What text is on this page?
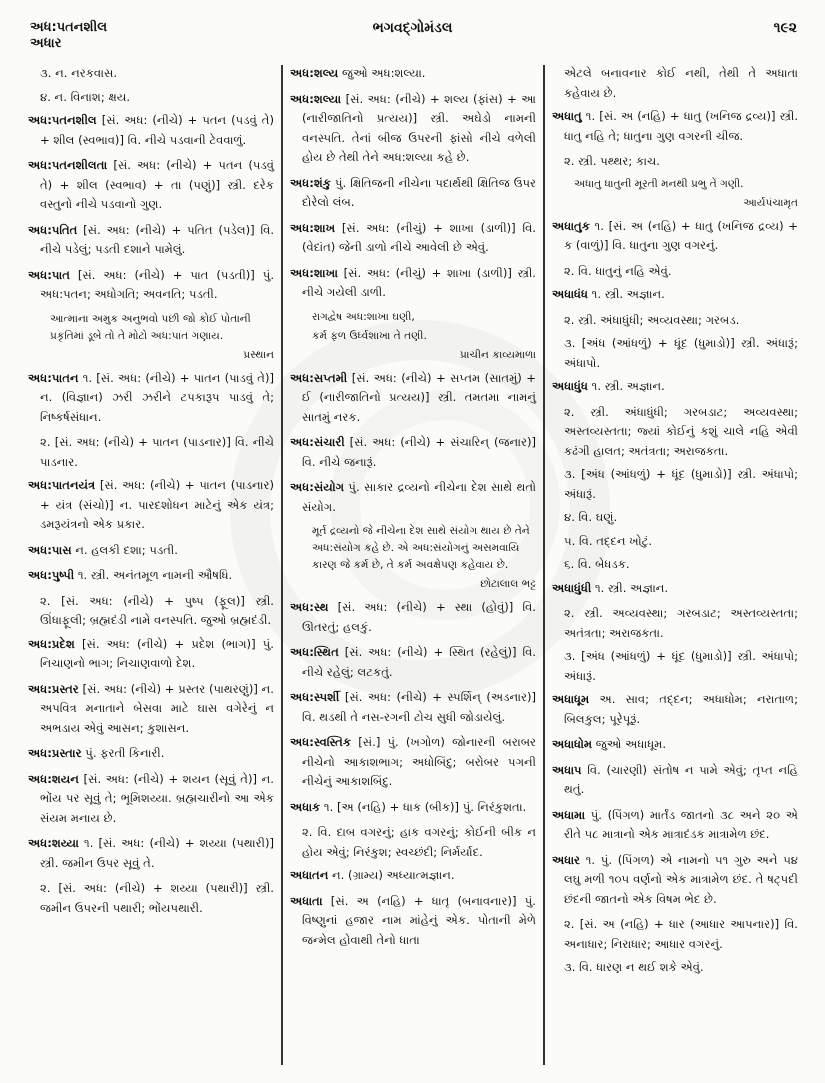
અધ:પતનશીલ
અધાર
ભગવદ્ગોમંડલ	૧૯૨
૩. ન. નરકવાસ.
૪. ન. વિનાશ; ક્ષય.
અધ:પતનશીલ [સં. અધ: (નીચે) + પતન (પડવું તે) + શીલ (સ્વભાવ)] વિ. નીચે પડવાની ટેવવાળું.
અધ:પતનશીલતા [સં. અધ: (નીચે) + પતન (પડવું તે) + શીલ (સ્વભાવ) + તા (પણું)] સ્ત્રી. દરેક વસ્તુનો નીચે પડવાનો ગુણ.
અધ:પતિત [સં. અધ: (નીચે) + પતિત (પડેલ)] વિ. નીચે પડેલું; પડતી દશાને પામેલું.
અધ:પાત [સં. અધ: (નીચે) + પાત (પડતી)] પું. અધ:પતન; અધોગતિ; અવનતિ; પડતી.
આત્માના અમુક અનુભવો પછી જો કોઈ પોતાની પ્રકૃતિમાં ડૂબે તો તે મોટો અધ:પાત ગણાય.
પ્રસ્થાન
અધ:પાતન ૧. [સં. અધ: (નીચે) + પાતન (પાડવું તે)] ન. (વિજ્ઞાન) ઝરી ઝરીને ટપકારૂપ પાડવું તે; નિષ્કર્ષસંધાન.
૨. [સં. અધ: (નીચે) + પાતન (પાડનાર)] વિ. નીચે પાડનાર.
અધ:પાતનયંત્ર [સં. અધ: (નીચે) + પાતન (પાડનાર) + યંત્ર (સંચો)] ન. પારદશોધન માટેનું એક યંત્ર; ડમરૂયંત્રનો એક પ્રકાર.
અધ:પાસ ન. હલકી દશા; પડતી.
અધ:પુષ્પી ૧. સ્ત્રી. અનંતમૂળ નામની ઔષધિ.
૨. [સં. અધ: (નીચે) + પુષ્પ (ફૂલ)] સ્ત્રી. ઊંધાફૂલી; બ્રહ્મદંડી નામે વનસ્પતિ. જુઓ બ્રહ્મદંડી.
અધ:પ્રદેશ [સં. અધ: (નીચે) + પ્રદેશ (ભાગ)] પું. નિચાણનો ભાગ; નિચાણવાળો દેશ.
અધ:પ્રસ્તર [સં. અધ: (નીચે) + પ્રસ્તર (પાથરણું)] ન. અપવિત્ર મનાતાને બેસવા માટે ઘાસ વગેરેનું ન અભડાય એવું આસન; કુશાસન.
અધ:પ્રસ્તાર પું. ફરતી કિનારી.
અધ:શયન [સં. અધ: (નીચે) + શયન (સૂવું તે)] ન. ભોંય પર સૂવું તે; ભૂમિશય્યા. બ્રહ્મચારીનો આ એક સંયમ મનાય છે.
અધ:શય્યા ૧. [સં. અધ: (નીચે) + શય્યા (પથારી)] સ્ત્રી. જમીન ઉપર સૂવું તે.
૨. [સં. અધ: (નીચે) + શય્યા (પથારી)] સ્ત્રી. જમીન ઉપરની પથારી; ભોંયપથારી.
અધ:શલ્ય જુઓ અધ:શલ્યા.
અધ:શલ્યા [સં. અધ: (નીચે) + શલ્ય (ફાંસ) + આ (નારીજાતિનો પ્રત્યય)] સ્ત્રી. અઘેડો નામની વનસ્પતિ. તેનાં બીજ ઉપરની ફાંસો નીચે વળેલી હોય છે તેથી તેને અધ:શલ્યા કહે છે.
અધ:શંકુ પું. ક્ષિતિજની નીચેના પદાર્થથી ક્ષિતિજ ઉપર દોરેલો લંબ.
અધ:શાખ [સં. અધ: (નીચું) + શાખા (ડાળી)] વિ. (વેદાંત) જેની ડાળો નીચે આવેલી છે એવું.
અધ:શાખા [સં. અધ: (નીચું) + શાખા (ડાળી)] સ્ત્રી. નીચે ગયેલી ડાળી.
રાગદ્વેષ અધ:શાખા ઘણી,
કર્મ ફળ ઉર્ધ્વશાખા તે તણી.
પ્રાચીન કાવ્યમાળા
અધ:સપ્તમી [સં. અધ: (નીચે) + સપ્તમ (સાતમું) + ઈ (નારીજાતિનો પ્રત્યય)] સ્ત્રી. તમતમા નામનું સાતમું નરક.
અધ:સંચારી [સં. અધ: (નીચે) + સંચારિન્ (જનાર)] વિ. નીચે જનારૂં.
અધ:સંયોગ પું. સાકાર દ્રવ્યનો નીચેના દેશ સાથે થતો સંયોગ.
મૂર્ત દ્રવ્યનો જે નીચેના દેશ સાથે સંયોગ થાય છે તેને અધ:સંયોગ કહે છે. એ અધ:સંયોગનું અસમવાયિ કારણ જે કર્મ છે, તે કર્મ અવક્ષેપણ કહેવાય છે.
છોટાલાલ ભટ્ટ
અધ:સ્થ [સં. અધ: (નીચે) + સ્થા (હોવું)] વિ. ઊતરતું; હલકું.
અધ:સ્થિત [સં. અધ: (નીચે) + સ્થિત (રહેલું)] વિ. નીચે રહેલું; લટકતું.
અધ:સ્પર્શી [સં. અધ: (નીચે) + સ્પર્શિન્ (અડનાર)] વિ. થડથી તે નસ-રગની ટોચ સુધી જોડાયેલું.
અધ:સ્વસ્તિક [સં.] પું. (ખગોળ) જોનારની બરાબર નીચેનો આકાશભાગ; અધોબિંદુ; બરોબર પગની નીચેનું આકાશબિંદુ.
અધાક ૧. [અ (નહિ) + ધાક (બીક)] પું. નિરંકુશતા.
૨. વિ. દાબ વગરનું; હાક વગરનું; કોઈની બીક ન હોય એવું; નિરંકુશ; સ્વચ્છંદી; નિર્મર્યાદ.
અધાતન ન. (ગ્રામ્ય) અધ્યાત્મજ્ઞાન.
અધાતા [સં. અ (નહિ) + ધાતૃ (બનાવનાર)] પું. વિષ્ણુનાં હજાર નામ માંહેનું એક. પોતાની મેળે જન્મેલ હોવાથી તેનો ધાતા
એટલે બનાવનાર કોઈ નથી, તેથી તે અધાતા કહેવાય છે.
અધાતુ ૧. [સં. અ (નહિ) + ધાતુ (ખનિજ દ્રવ્ય)] સ્ત્રી. ધાતુ નહિ તે; ધાતુના ગુણ વગરની ચીજ.
૨. સ્ત્રી. પથ્થર; કાચ.
અધાતુ ધાતુની મૂરતી મનથી પ્રભુ તેં ગણી.
આર્યપંચામૃત
અધાતુક ૧. [સં. અ (નહિ) + ધાતુ (ખનિજ દ્રવ્ય) + ક (વાળું)] વિ. ધાતુના ગુણ વગરનું.
૨. વિ. ધાતુનું નહિ એવું.
અધાધંધ ૧. સ્ત્રી. અજ્ઞાન.
૨. સ્ત્રી. અંધાધુંધી; અવ્યવસ્થા; ગરબડ.
૩. [અંધ (આંધળું) + ધૂંદ (ધુમાડો)] સ્ત્રી. અંધારૂં; અંધાપો.
અધાધુંધ ૧. સ્ત્રી. અજ્ઞાન.
૨. સ્ત્રી. અંધાધુંધી; ગરબડાટ; અવ્યવસ્થા; અસ્તવ્યસ્તતા; જ્યાં કોઈનું કશું ચાલે નહિ એવી કઢંગી હાલત; અતંત્રતા; અરાજકતા.
૩. [અંધ (આંધળું) + ધૂંદ (ધુમાડો)] સ્ત્રી. અંધાપો; અંધારૂં.
૪. વિ. ઘણું.
૫. વિ. તદ્દન ખોટું.
૬. વિ. બેધડક.
અધાધુંધી ૧. સ્ત્રી. અજ્ઞાન.
૨. સ્ત્રી. અવ્યવસ્થા; ગરબડાટ; અસ્તવ્યસ્તતા; અતંત્રતા; અરાજકતા.
૩. [અંધ (આંધળું) + ધૂંદ (ધુમાડો)] સ્ત્રી. અંધાપો; અંધારૂં.
અધાધૂમ અ. સાવ; તદ્દન; અધાધોમ; નરાતાળ; બિલકુલ; પૂરેપૂરૂં.
અધાધોમ જુઓ અધાધૂમ.
અધાપ વિ. (ચારણી) સંતોષ ન પામે એવું; તૃપ્ત નહિ થતું.
અધામા પું. (પિંગળ) માર્તંડ જાતનો ૩૮ અને ૨૦ એ રીતે ૫૮ માત્રાનો એક માત્રાદંડક માત્રામેળ છંદ.
અધાર ૧. પું. (પિંગળ) એ નામનો ૫૧ ગુરુ અને ૫૪ લઘુ મળી ૧૦૫ વર્ણનો એક માત્રામેળ છંદ. તે ષટ્પદી છંદની જાતનો એક વિષમ ભેદ છે.
૨. [સં. અ (નહિ) + ધાર (આધાર આપનાર)] વિ. અનાધાર; નિરાધાર; આધાર વગરનું.
૩. વિ. ધારણ ન થઈ શકે એવું.
